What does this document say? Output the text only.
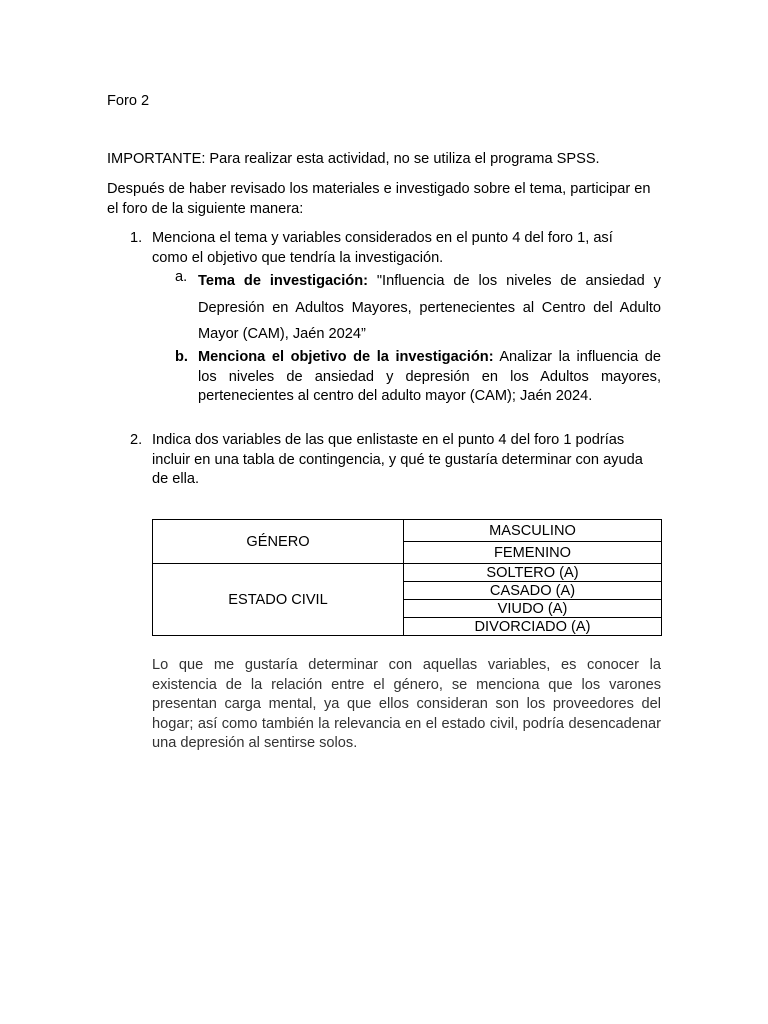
Foro 2
IMPORTANTE: Para realizar esta actividad, no se utiliza el programa SPSS.
Después de haber revisado los materiales e investigado sobre el tema, participar en el foro de la siguiente manera:
1. Menciona el tema y variables considerados en el punto 4 del foro 1, así como el objetivo que tendría la investigación.
a. Tema de investigación: "Influencia de los niveles de ansiedad y Depresión en Adultos Mayores, pertenecientes al Centro del Adulto Mayor (CAM), Jaén 2024”
b. Menciona el objetivo de la investigación: Analizar la influencia de los niveles de ansiedad y depresión en los Adultos mayores, pertenecientes al centro del adulto mayor (CAM); Jaén 2024.
2. Indica dos variables de las que enlistaste en el punto 4 del foro 1 podrías incluir en una tabla de contingencia, y qué te gustaría determinar con ayuda de ella.
GÉNERO	MASCULINO
	FEMENINO
ESTADO CIVIL	SOLTERO (A)
	CASADO (A)
	VIUDO (A)
	DIVORCIADO (A)
Lo que me gustaría determinar con aquellas variables, es conocer la existencia de la relación entre el género, se menciona que los varones presentan carga mental, ya que ellos consideran son los proveedores del hogar; así como también la relevancia en el estado civil, podría desencadenar una depresión al sentirse solos.
